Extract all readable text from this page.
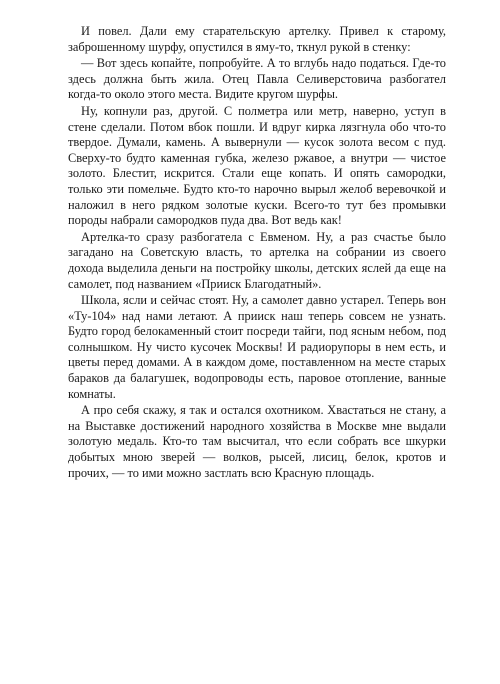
И повел. Дали ему старательскую артелку. Привел к старому, заброшенному шурфу, опустился в яму-то, ткнул рукой в стенку:

— Вот здесь копайте, попробуйте. А то вглубь надо податься. Где-то здесь должна быть жила. Отец Павла Селиверстовича разбогател когда-то около этого места. Видите кругом шурфы.

Ну, копнули раз, другой. С полметра или метр, наверно, уступ в стене сделали. Потом вбок пошли. И вдруг кирка лязгнула обо что-то твердое. Думали, камень. А вывернули — кусок золота весом с пуд. Сверху-то будто каменная губка, железо ржавое, а внутри — чистое золото. Блестит, искрится. Стали еще копать. И опять самородки, только эти помельче. Будто кто-то нарочно вырыл желоб веревочкой и наложил в него рядком золотые куски. Всего-то тут без промывки породы набрали самородков пуда два. Вот ведь как!

Артелка-то сразу разбогатела с Евменом. Ну, а раз счастье было загадано на Советскую власть, то артелка на собрании из своего дохода выделила деньги на постройку школы, детских яслей да еще на самолет, под названием «Прииск Благодатный».

Школа, ясли и сейчас стоят. Ну, а самолет давно устарел. Теперь вон «Ту-104» над нами летают. А прииск наш теперь совсем не узнать. Будто город белокаменный стоит посреди тайги, под ясным небом, под солнышком. Ну чисто кусочек Москвы! И радиорупоры в нем есть, и цветы перед домами. А в каждом доме, поставленном на месте старых бараков да балагушек, водопроводы есть, паровое отопление, ванные комнаты.

А про себя скажу, я так и остался охотником. Хвастаться не стану, а на Выставке достижений народного хозяйства в Москве мне выдали золотую медаль. Кто-то там высчитал, что если собрать все шкурки добытых мною зверей — волков, рысей, лисиц, белок, кротов и прочих, — то ими можно застлать всю Красную площадь.
